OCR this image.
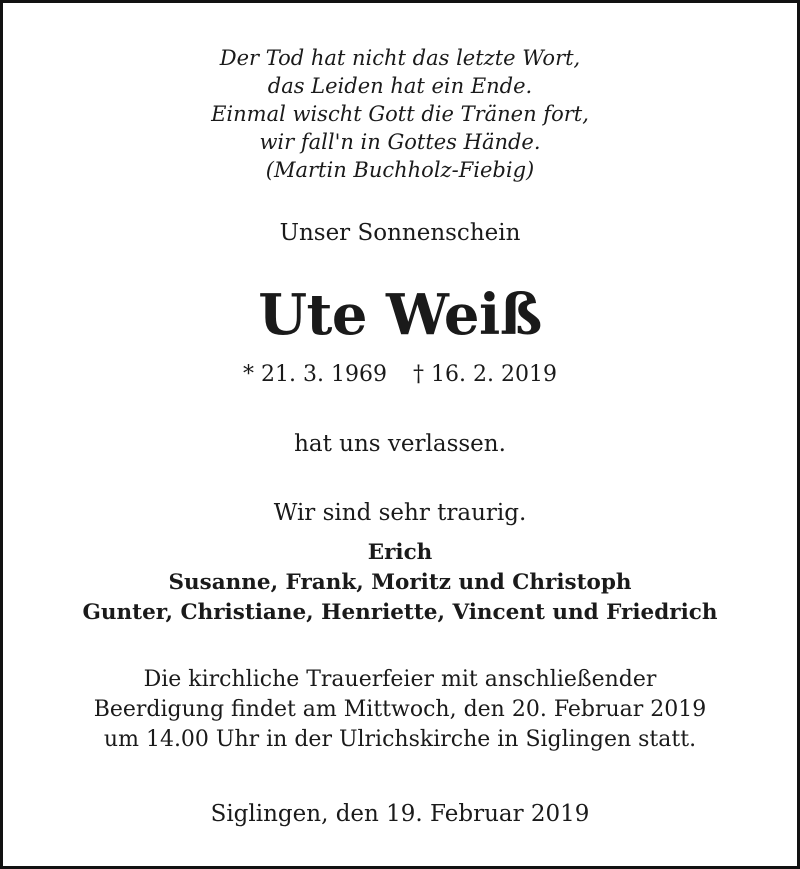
Der Tod hat nicht das letzte Wort,
das Leiden hat ein Ende.
Einmal wischt Gott die Tränen fort,
wir fall'n in Gottes Hände.
(Martin Buchholz-Fiebig)
Unser Sonnenschein
Ute Weiß
* 21. 3. 1969 † 16. 2. 2019
hat uns verlassen.
Wir sind sehr traurig.
Erich
Susanne, Frank, Moritz und Christoph
Gunter, Christiane, Henriette, Vincent und Friedrich
Die kirchliche Trauerfeier mit anschließender
Beerdigung findet am Mittwoch, den 20. Februar 2019
um 14.00 Uhr in der Ulrichskirche in Siglingen statt.
Siglingen, den 19. Februar 2019
